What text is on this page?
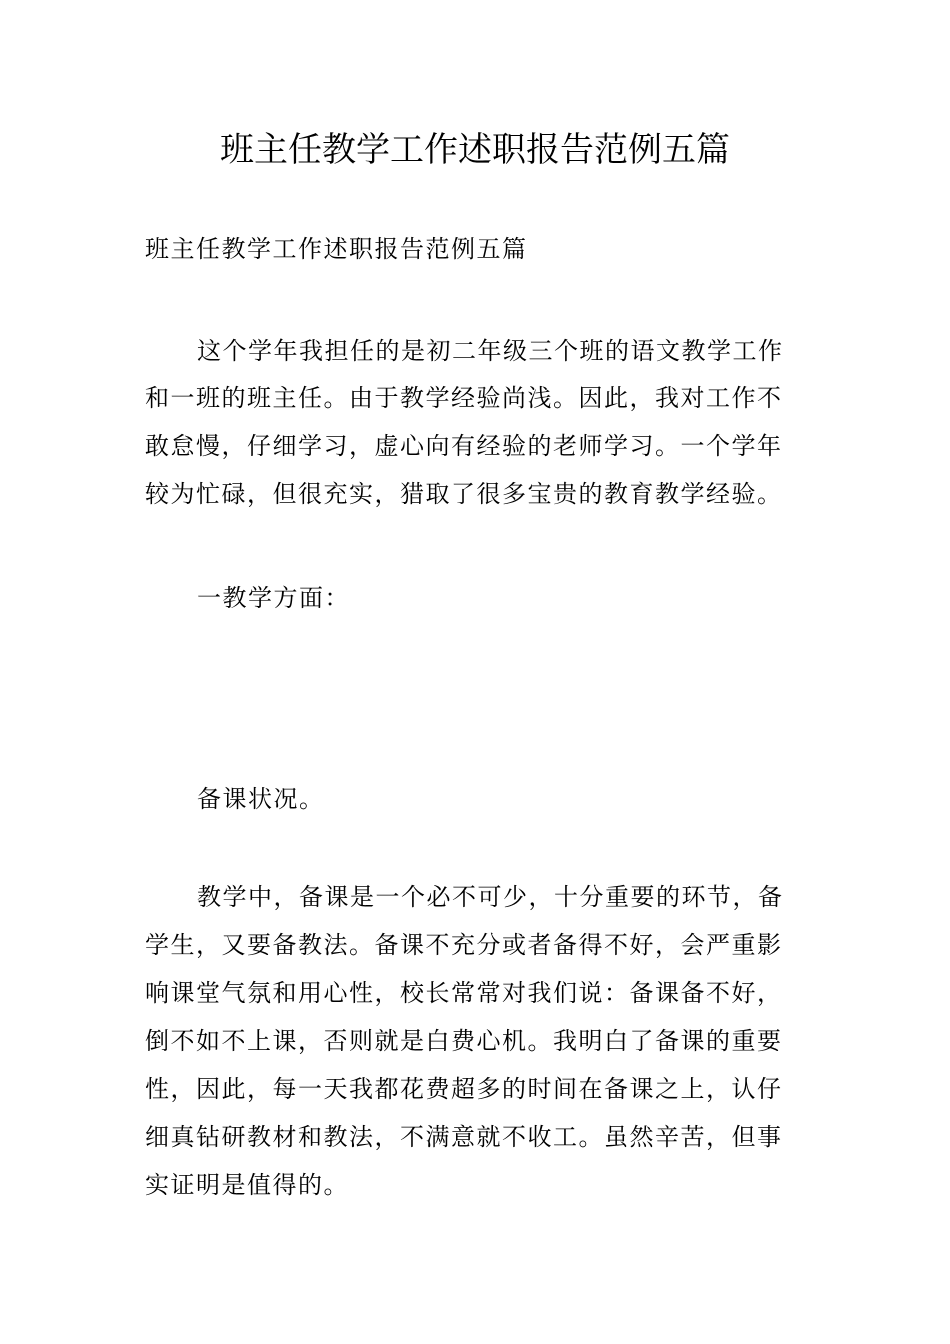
班主任教学工作述职报告范例五篇
班主任教学工作述职报告范例五篇
这个学年我担任的是初二年级三个班的语文教学工作
和一班的班主任。由于教学经验尚浅。因此，我对工作不
敢怠慢，仔细学习，虚心向有经验的老师学习。一个学年
较为忙碌，但很充实，猎取了很多宝贵的教育教学经验。
一教学方面：
备课状况。
教学中，备课是一个必不可少，十分重要的环节，备
学生，又要备教法。备课不充分或者备得不好，会严重影
响课堂气氛和用心性，校长常常对我们说：备课备不好，
倒不如不上课，否则就是白费心机。我明白了备课的重要
性，因此，每一天我都花费超多的时间在备课之上，认仔
细真钻研教材和教法，不满意就不收工。虽然辛苦，但事
实证明是值得的。
